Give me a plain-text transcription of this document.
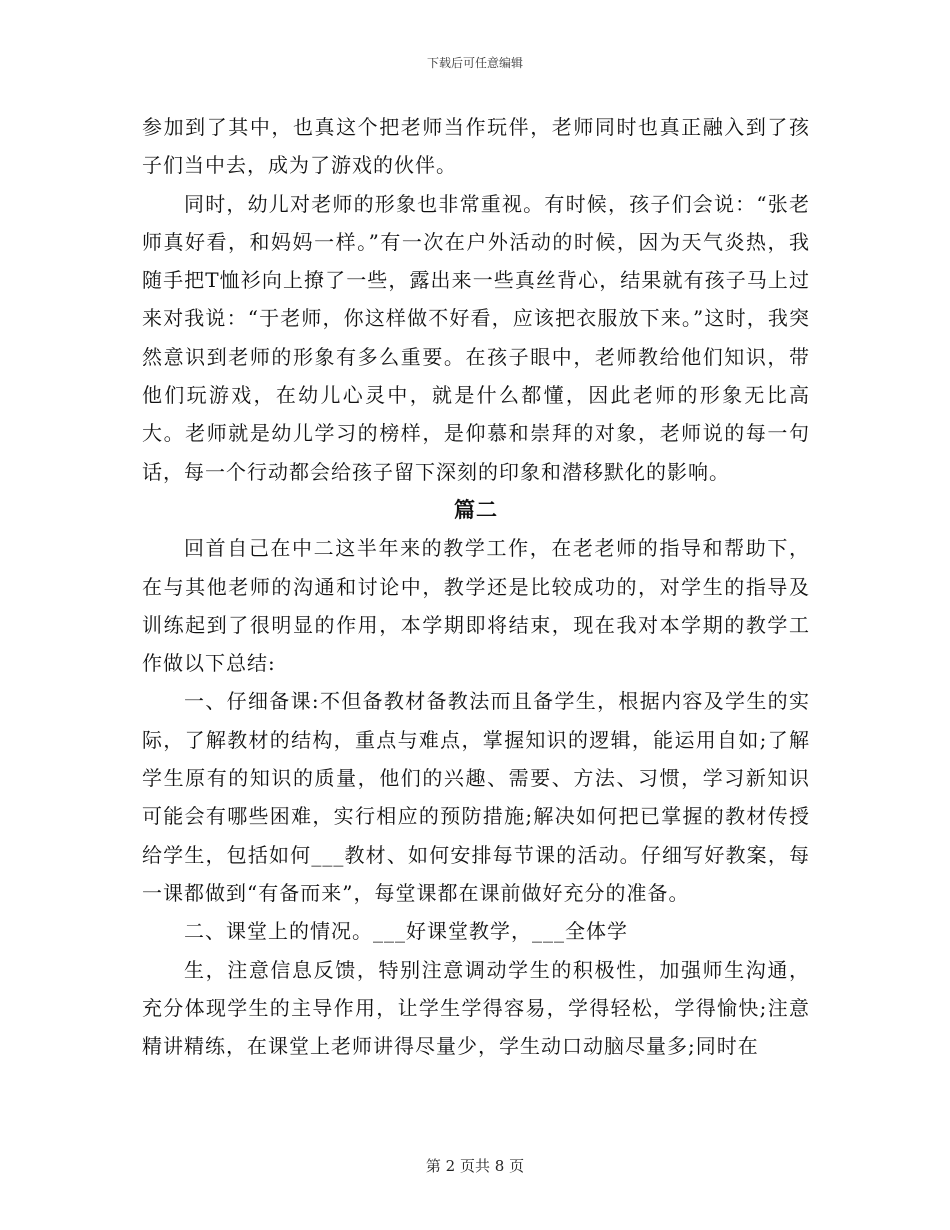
下载后可任意编辑

参加到了其中，也真这个把老师当作玩伴，老师同时也真正融入到了孩子们当中去，成为了游戏的伙伴。

同时，幼儿对老师的形象也非常重视。有时候，孩子们会说：“张老师真好看，和妈妈一样。”有一次在户外活动的时候，因为天气炎热，我随手把T恤衫向上撩了一些，露出来一些真丝背心，结果就有孩子马上过来对我说：“于老师，你这样做不好看，应该把衣服放下来。”这时，我突然意识到老师的形象有多么重要。在孩子眼中，老师教给他们知识，带他们玩游戏，在幼儿心灵中，就是什么都懂，因此老师的形象无比高大。老师就是幼儿学习的榜样，是仰慕和崇拜的对象，老师说的每一句话，每一个行动都会给孩子留下深刻的印象和潜移默化的影响。

篇二

回首自己在中二这半年来的教学工作，在老老师的指导和帮助下，在与其他老师的沟通和讨论中，教学还是比较成功的，对学生的指导及训练起到了很明显的作用，本学期即将结束，现在我对本学期的教学工作做以下总结:

一、仔细备课:不但备教材备教法而且备学生，根据内容及学生的实际，了解教材的结构，重点与难点，掌握知识的逻辑，能运用自如;了解学生原有的知识的质量，他们的兴趣、需要、方法、习惯，学习新知识可能会有哪些困难，实行相应的预防措施;解决如何把已掌握的教材传授给学生，包括如何___教材、如何安排每节课的活动。仔细写好教案，每一课都做到“有备而来”，每堂课都在课前做好充分的准备。

二、课堂上的情况。___好课堂教学，___全体学

生，注意信息反馈，特别注意调动学生的积极性，加强师生沟通，充分体现学生的主导作用，让学生学得容易，学得轻松，学得愉快;注意精讲精练，在课堂上老师讲得尽量少，学生动口动脑尽量多;同时在

第 2 页共 8 页
